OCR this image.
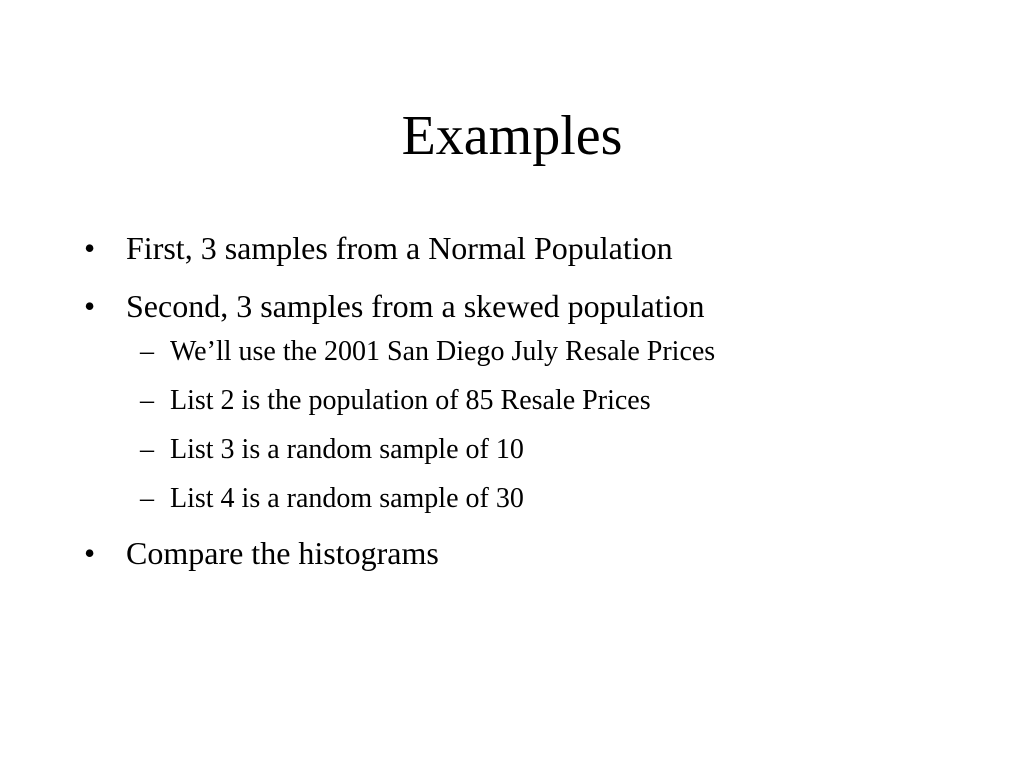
Examples
• First, 3 samples from a Normal Population
• Second, 3 samples from a skewed population
– We’ll use the 2001 San Diego July Resale Prices
– List 2 is the population of 85 Resale Prices
– List 3 is a random sample of 10
– List 4 is a random sample of 30
• Compare the histograms
